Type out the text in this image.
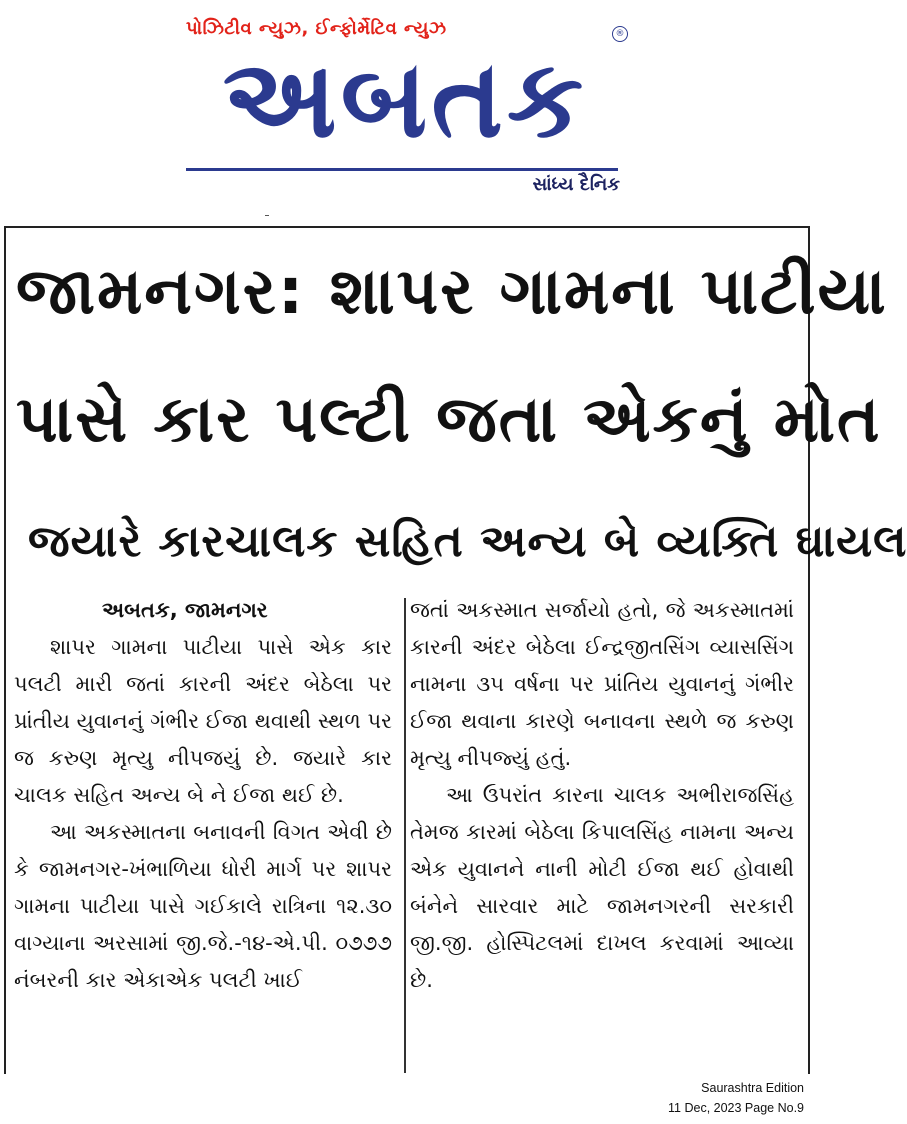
પોઝિટીવ ન્યુઝ, ઈન્ફોર્મેટિવ ન્યુઝ	®
અબતક
સાંધ્ય દૈનિક
જામનગર: શાપર ગામના પાટીયા
પાસે કાર પલ્ટી જતા એકનું મોત
જયારે કારચાલક સહિત અન્ય બે વ્યક્તિ ઘાયલ
અબતક, જામનગર

શાપર ગામના પાટીયા પાસે એક કાર પલટી મારી જતાં કારની અંદર બેઠેલા પર પ્રાંતીય યુવાનનું ગંભીર ઈજા થવાથી સ્થળ પર જ કરુણ મૃત્યુ નીપજયું છે. જયારે કાર ચાલક સહિત અન્ય બે ને ઈજા થઈ છે.

આ અકસ્માતના બનાવની વિગત એવી છે કે જામનગર-ખંભાળિયા ધોરી માર્ગ પર શાપર ગામના પાટીયા પાસે ગઈકાલે રાત્રિના ૧૨.૩૦ વાગ્યાના અરસામાં જી.જે.-૧૪-એ.પી. ૦૭૭૭ નંબરની કાર એકાએક પલટી ખાઈ

જતાં અકસ્માત સર્જાયો હતો, જે અકસ્માતમાં કારની અંદર બેઠેલા ઈન્દ્રજીતસિંગ વ્યાસસિંગ નામના ૩૫ વર્ષના પર પ્રાંતિય યુવાનનું ગંભીર ઈજા થવાના કારણે બનાવના સ્થળે જ કરુણ મૃત્યુ નીપજ્યું હતું.

આ ઉપરાંત કારના ચાલક અભીરાજસિંહ તેમજ કારમાં બેઠેલા કિપાલસિંહ નામના અન્ય એક યુવાનને નાની મોટી ઈજા થઈ હોવાથી બંનેને સારવાર માટે જામનગરની સરકારી જી.જી. હોસ્પિટલમાં દાખલ કરવામાં આવ્યા છે.

Saurashtra Edition
11 Dec, 2023 Page No.9
